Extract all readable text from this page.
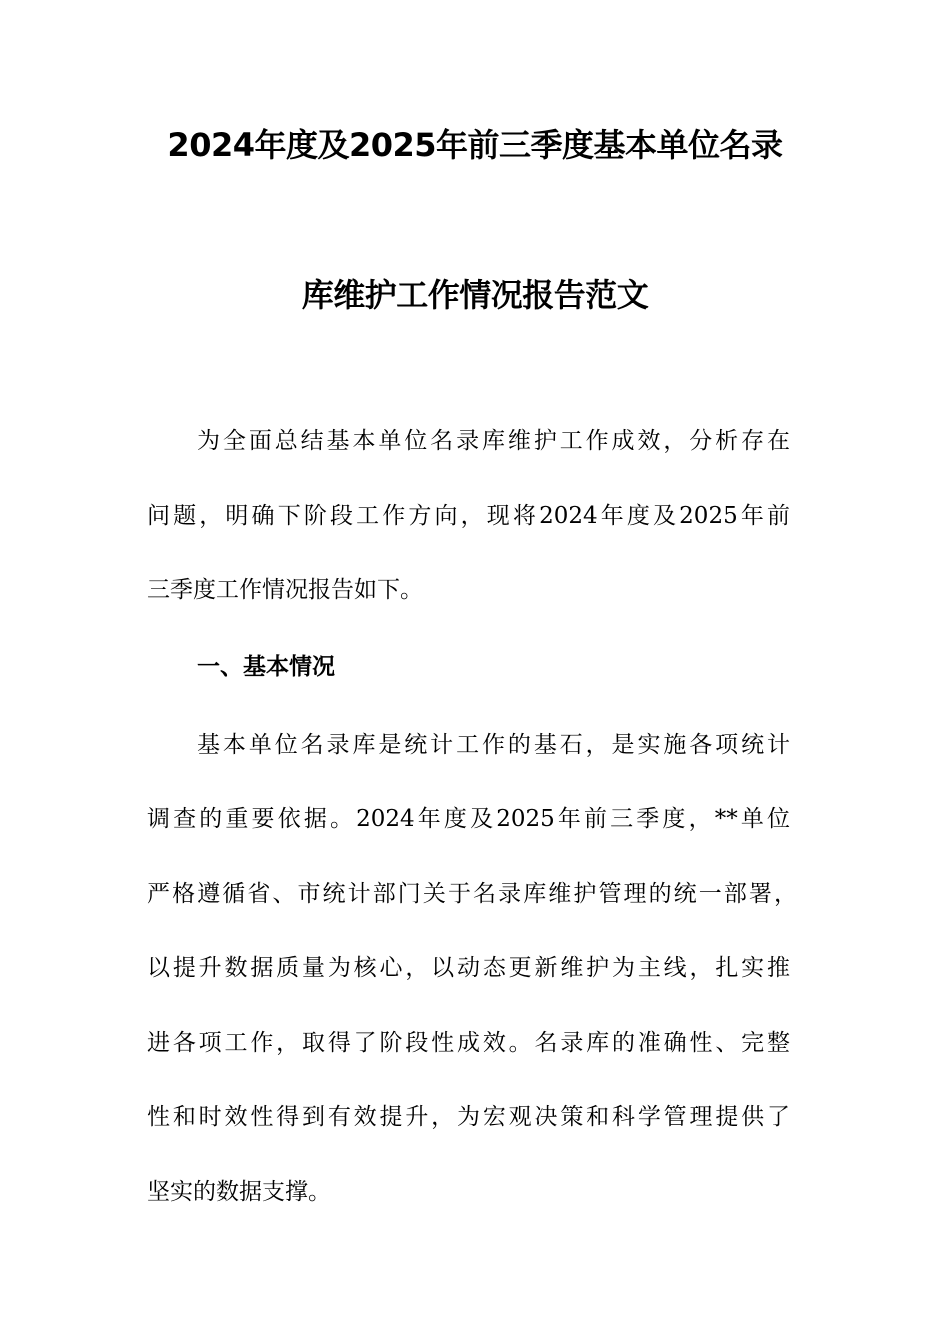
2024年度及2025年前三季度基本单位名录
库维护工作情况报告范文
为全面总结基本单位名录库维护工作成效，分析存在
问题，明确下阶段工作方向，现将2024年度及2025年前
三季度工作情况报告如下。
一、基本情况
基本单位名录库是统计工作的基石，是实施各项统计
调查的重要依据。2024年度及2025年前三季度，**单位
严格遵循省、市统计部门关于名录库维护管理的统一部署，
以提升数据质量为核心，以动态更新维护为主线，扎实推
进各项工作，取得了阶段性成效。名录库的准确性、完整
性和时效性得到有效提升，为宏观决策和科学管理提供了
坚实的数据支撑。
